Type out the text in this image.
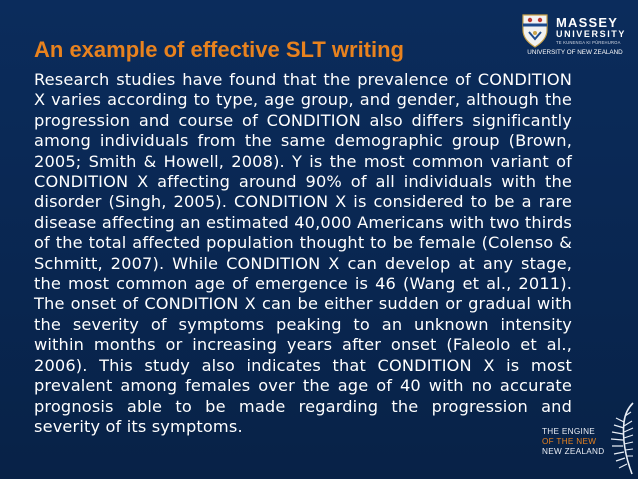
An example of effective SLT writing
MASSEY
UNIVERSITY
TE KUNENGA KI PŪREHUROA
UNIVERSITY OF NEW ZEALAND
Research studies have found that the prevalence of CONDITION X varies according to type, age group, and gender, although the progression and course of CONDITION also differs significantly among individuals from the same demographic group (Brown, 2005; Smith & Howell, 2008). Y is the most common variant of CONDITION X affecting around 90% of all individuals with the disorder (Singh, 2005). CONDITION X is considered to be a rare disease affecting an estimated 40,000 Americans with two thirds of the total affected population thought to be female (Colenso & Schmitt, 2007). While CONDITION X can develop at any stage, the most common age of emergence is 46 (Wang et al., 2011). The onset of CONDITION X can be either sudden or gradual with the severity of symptoms peaking to an unknown intensity within months or increasing years after onset (Faleolo et al., 2006). This study also indicates that CONDITION X is most prevalent among females over the age of 40 with no accurate prognosis able to be made regarding the progression and severity of its symptoms.	THE ENGINE
OF THE NEW
NEW ZEALAND
